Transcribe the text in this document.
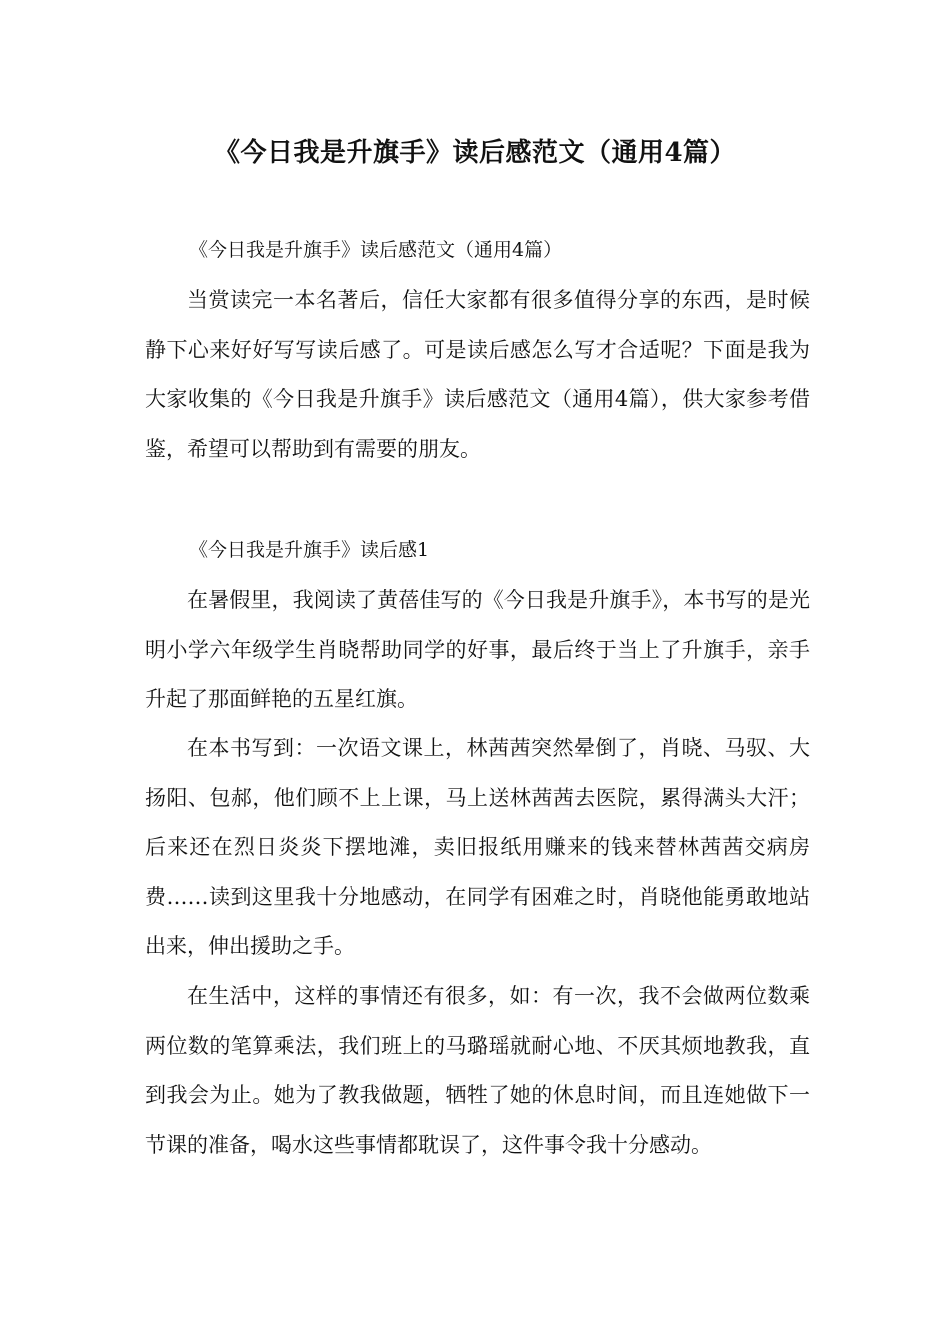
《今日我是升旗手》读后感范文（通用4篇）
《今日我是升旗手》读后感范文（通用4篇）
当赏读完一本名著后，信任大家都有很多值得分享的东西，是时候静下心来好好写写读后感了。可是读后感怎么写才合适呢？下面是我为大家收集的《今日我是升旗手》读后感范文（通用4篇），供大家参考借鉴，希望可以帮助到有需要的朋友。
《今日我是升旗手》读后感1
在暑假里，我阅读了黄蓓佳写的《今日我是升旗手》，本书写的是光明小学六年级学生肖晓帮助同学的好事，最后终于当上了升旗手，亲手升起了那面鲜艳的五星红旗。
在本书写到：一次语文课上，林茜茜突然晕倒了，肖晓、马驭、大扬阳、包郝，他们顾不上上课，马上送林茜茜去医院，累得满头大汗；后来还在烈日炎炎下摆地滩，卖旧报纸用赚来的钱来替林茜茜交病房费……读到这里我十分地感动，在同学有困难之时，肖晓他能勇敢地站出来，伸出援助之手。
在生活中，这样的事情还有很多，如：有一次，我不会做两位数乘两位数的笔算乘法，我们班上的马璐瑶就耐心地、不厌其烦地教我，直到我会为止。她为了教我做题，牺牲了她的休息时间，而且连她做下一节课的准备，喝水这些事情都耽误了，这件事令我十分感动。
